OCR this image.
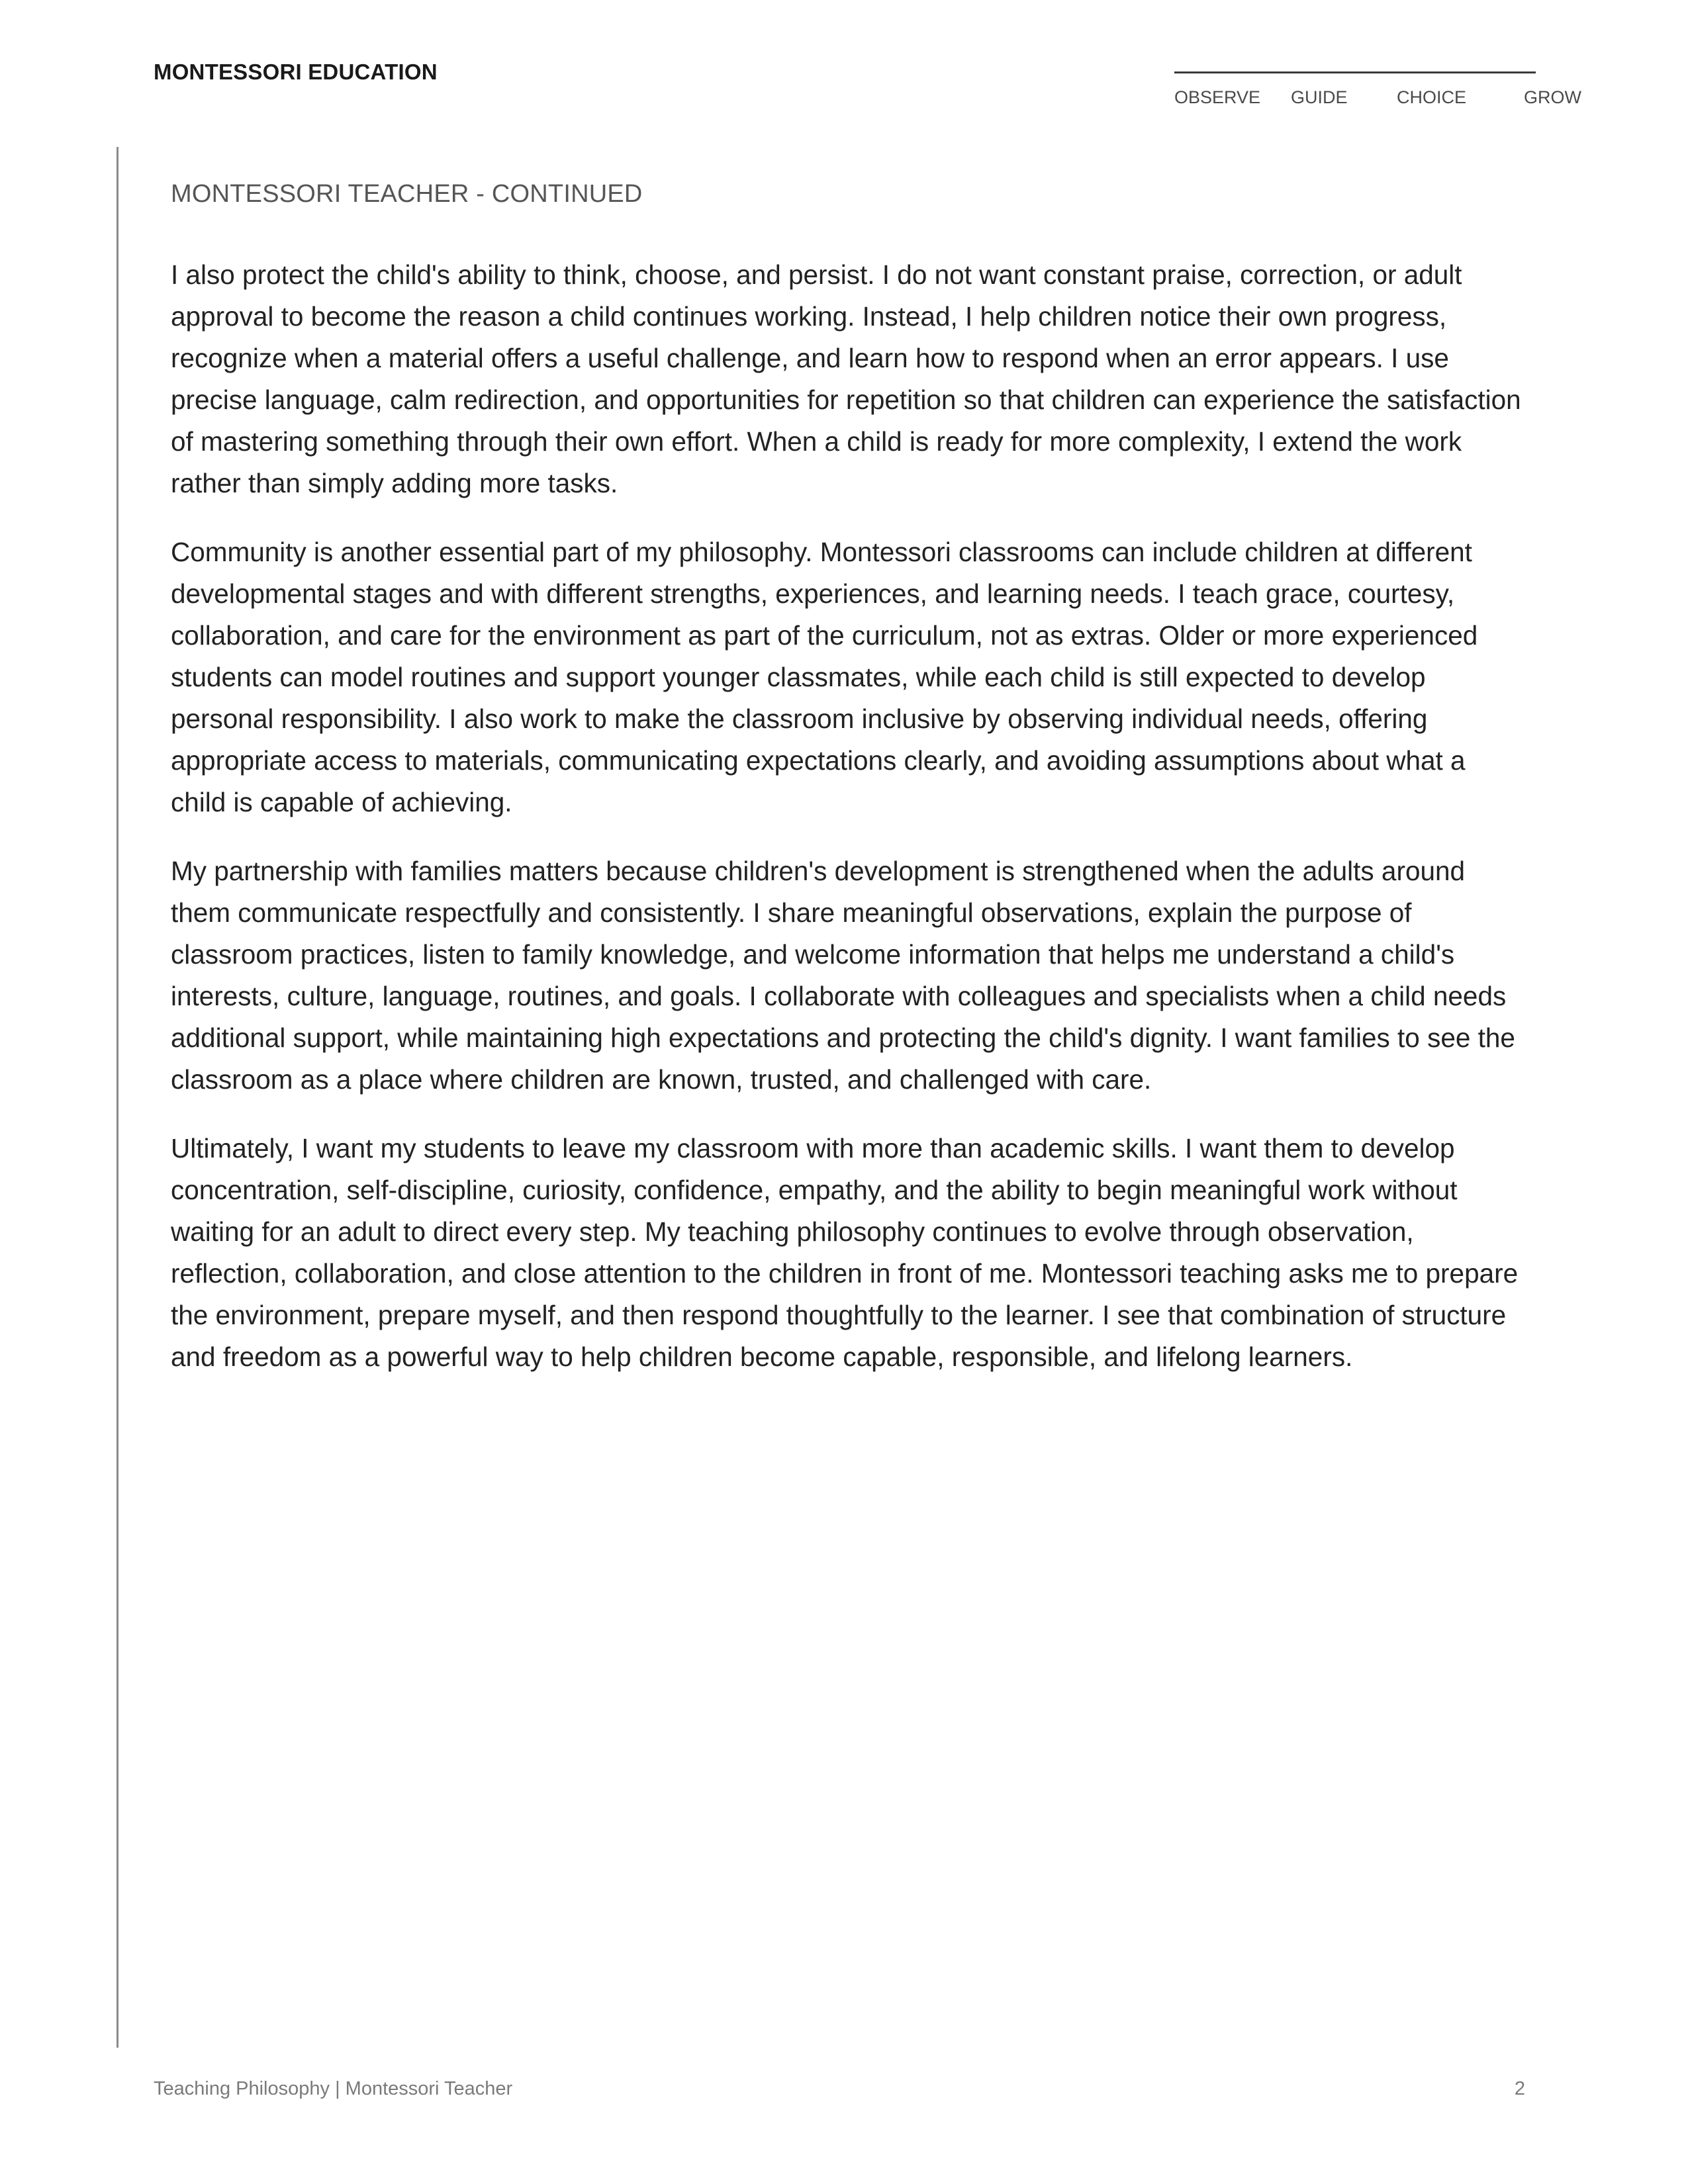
MONTESSORI EDUCATION
OBSERVE GUIDE	CHOICE	GROW
MONTESSORI TEACHER - CONTINUED

I also protect the child's ability to think, choose, and persist. I do not want constant praise, correction, or adult approval to become the reason a child continues working. Instead, I help children notice their own progress, recognize when a material offers a useful challenge, and learn how to respond when an error appears. I use precise language, calm redirection, and opportunities for repetition so that children can experience the satisfaction of mastering something through their own effort. When a child is ready for more complexity, I extend the work rather than simply adding more tasks.

Community is another essential part of my philosophy. Montessori classrooms can include children at different developmental stages and with different strengths, experiences, and learning needs. I teach grace, courtesy, collaboration, and care for the environment as part of the curriculum, not as extras. Older or more experienced students can model routines and support younger classmates, while each child is still expected to develop personal responsibility. I also work to make the classroom inclusive by observing individual needs, offering appropriate access to materials, communicating expectations clearly, and avoiding assumptions about what a child is capable of achieving.

My partnership with families matters because children's development is strengthened when the adults around them communicate respectfully and consistently. I share meaningful observations, explain the purpose of classroom practices, listen to family knowledge, and welcome information that helps me understand a child's interests, culture, language, routines, and goals. I collaborate with colleagues and specialists when a child needs additional support, while maintaining high expectations and protecting the child's dignity. I want families to see the classroom as a place where children are known, trusted, and challenged with care.

Ultimately, I want my students to leave my classroom with more than academic skills. I want them to develop concentration, self-discipline, curiosity, confidence, empathy, and the ability to begin meaningful work without waiting for an adult to direct every step. My teaching philosophy continues to evolve through observation, reflection, collaboration, and close attention to the children in front of me. Montessori teaching asks me to prepare the environment, prepare myself, and then respond thoughtfully to the learner. I see that combination of structure and freedom as a powerful way to help children become capable, responsible, and lifelong learners.

Teaching Philosophy | Montessori Teacher	2
